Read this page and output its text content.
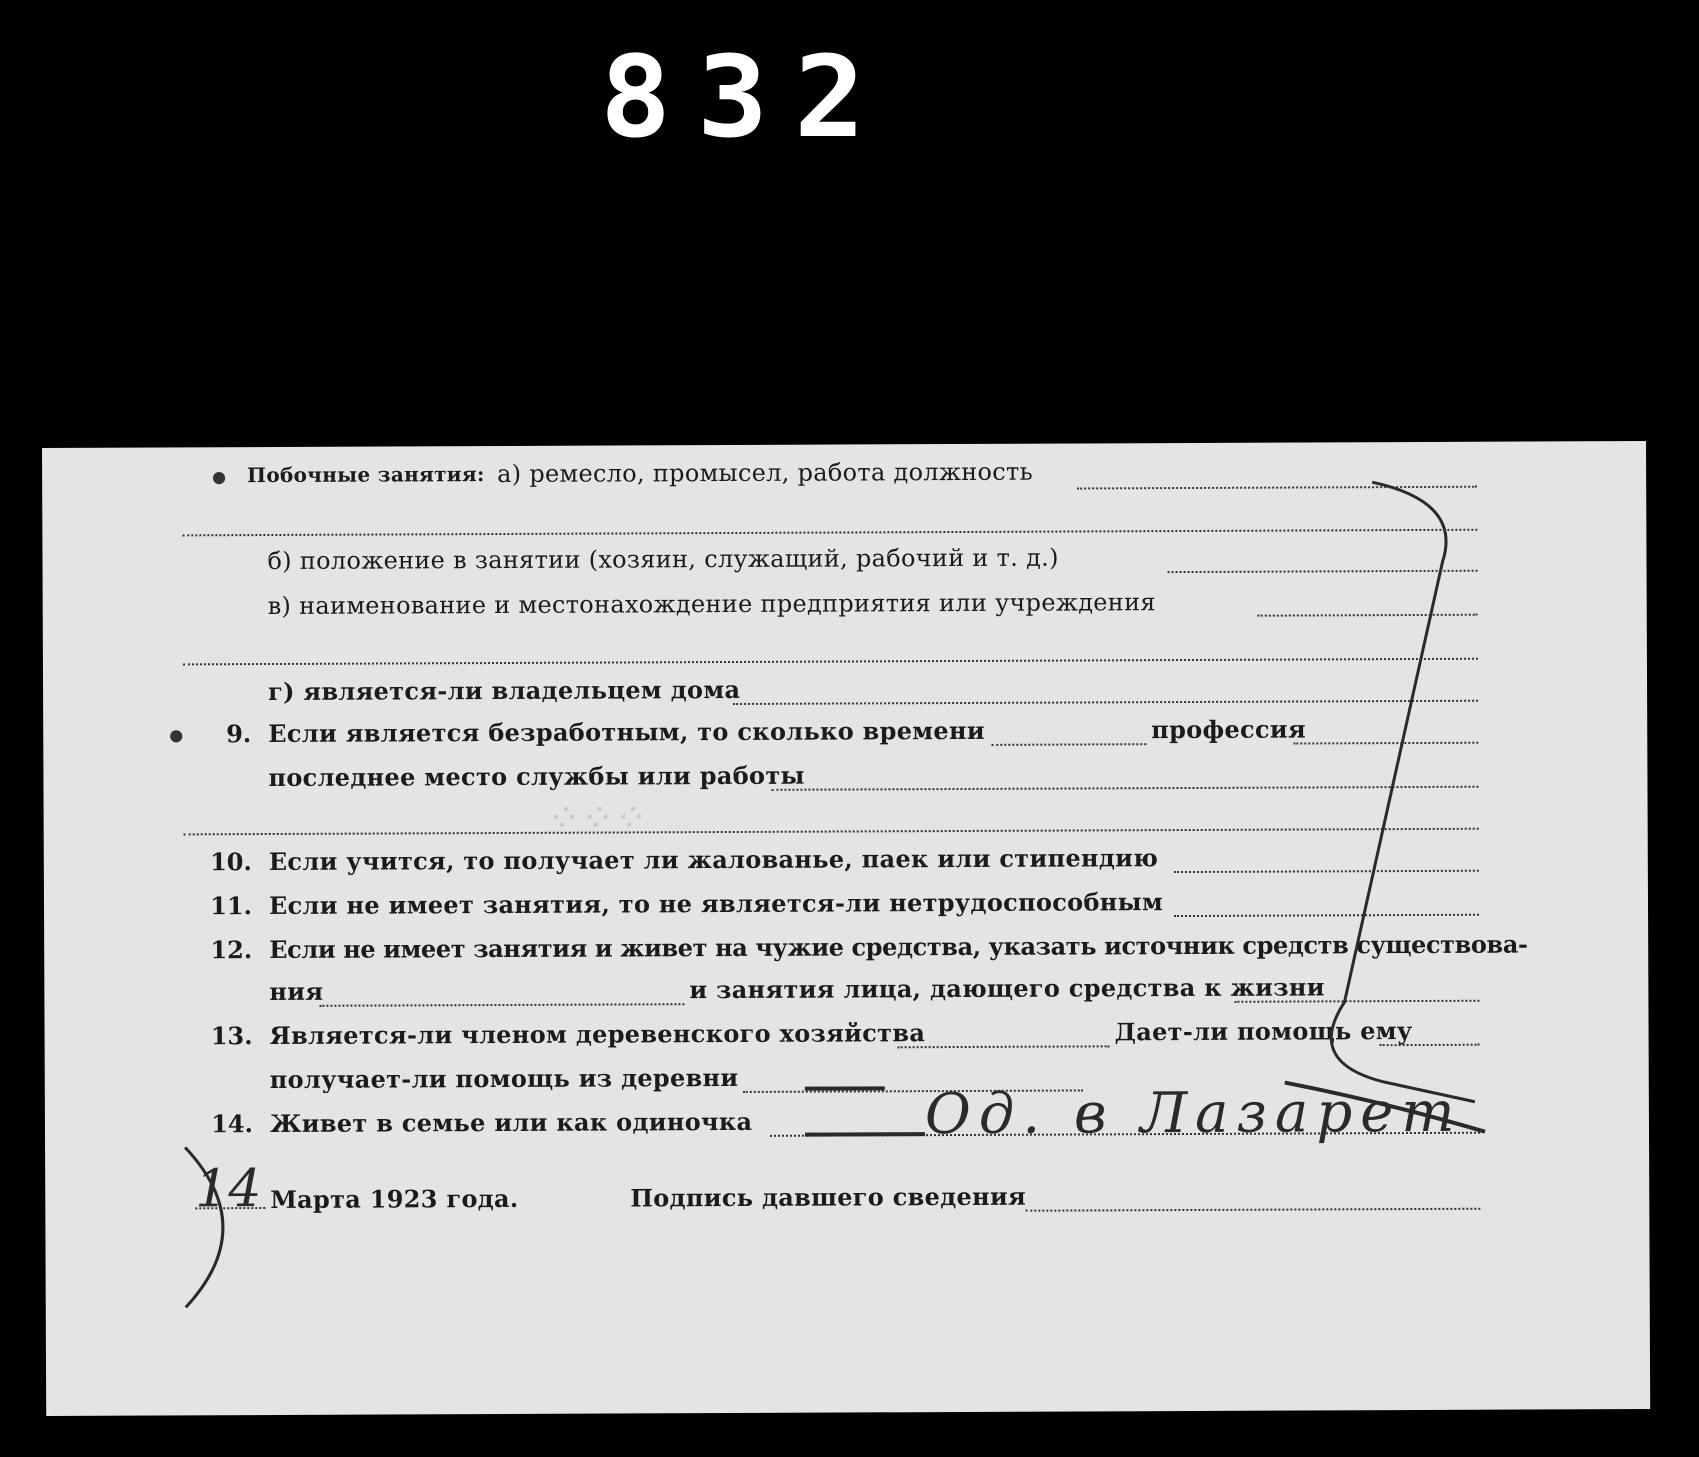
832
⁘⁘⁘
● Побочные занятия: а) ремесло, промысел, работа должность
б) положение в занятии (хозяин, служащий, рабочий и т. д.)
в) наименование и местонахождение предприятия или учреждения
г) является-ли владельцем дома
●	9. Если является безработным, то сколько времени	профессия
последнее место службы или работы
10. Если учится, то получает ли жалованье, паек или стипендию
11. Если не имеет занятия, то не является-ли нетрудоспособным
12. Если не имеет занятия и живет на чужие средства, указать источник средств существова-
ния	и занятия лица, дающего средства к жизни
13. Является-ли членом деревенского хозяйства	Дает-ли помощь ему
получает-ли помощь из деревни
14. Живет в семье или как одиночка	Од. в Лазарет
14 Марта 1923 года.	Подпись давшего сведения
